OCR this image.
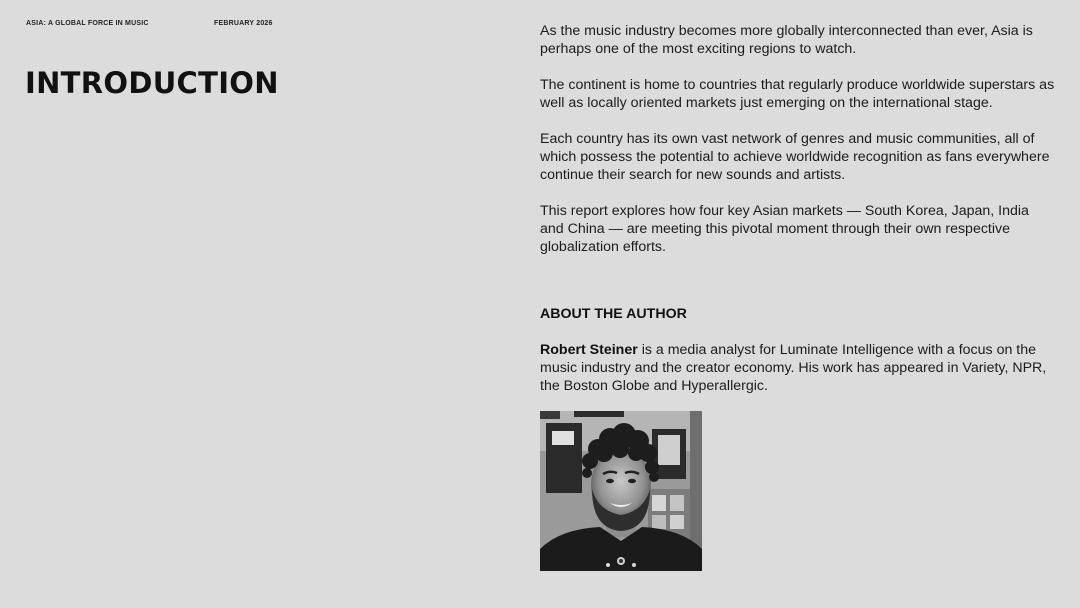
ASIA: A GLOBAL FORCE IN MUSIC	FEBRUARY 2026
INTRODUCTION

As the music industry becomes more globally interconnected than ever, Asia is perhaps one of the most exciting regions to watch.

The continent is home to countries that regularly produce worldwide superstars as well as locally oriented markets just emerging on the international stage.

Each country has its own vast network of genres and music communities, all of which possess the potential to achieve worldwide recognition as fans everywhere continue their search for new sounds and artists.

This report explores how four key Asian markets — South Korea, Japan, India and China — are meeting this pivotal moment through their own respective globalization efforts.

ABOUT THE AUTHOR

Robert Steiner is a media analyst for Luminate Intelligence with a focus on the music industry and the creator economy. His work has appeared in Variety, NPR, the Boston Globe and Hyperallergic.
